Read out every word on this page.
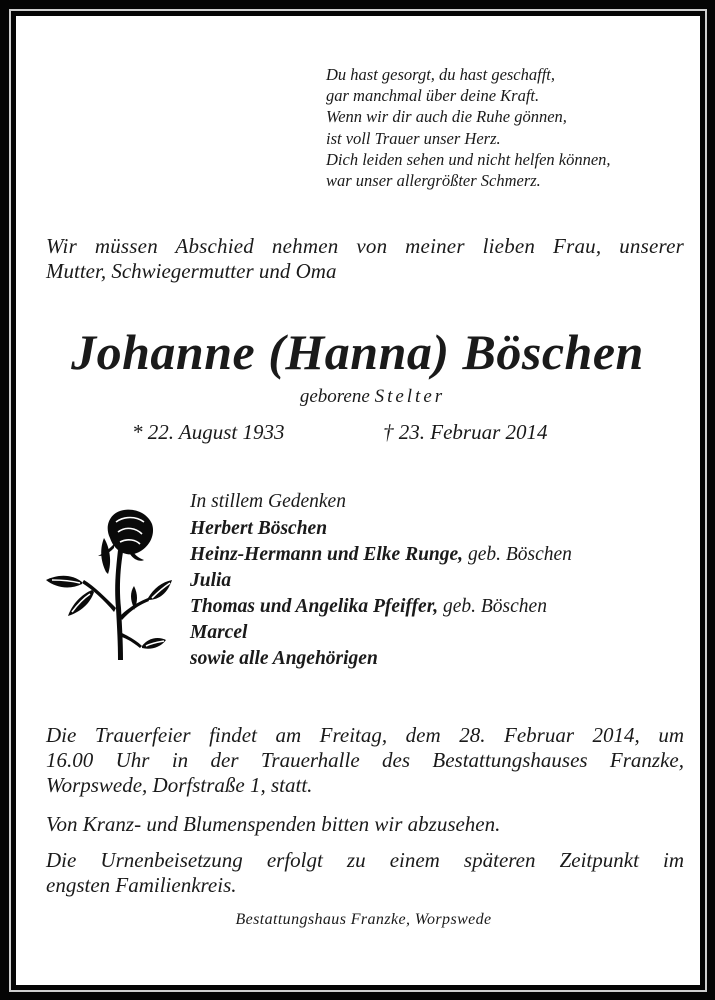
Du hast gesorgt, du hast geschafft,
gar manchmal über deine Kraft.
Wenn wir dir auch die Ruhe gönnen,
ist voll Trauer unser Herz.
Dich leiden sehen und nicht helfen können,
war unser allergrößter Schmerz.
Wir müssen Abschied nehmen von meiner lieben Frau, unserer
Mutter, Schwiegermutter und Oma
Johanne (Hanna) Böschen
geborene Stelter
* 22. August 1933	† 23. Februar 2014
In stillem Gedenken
Herbert Böschen
Heinz-Hermann und Elke Runge, geb. Böschen
Julia
Thomas und Angelika Pfeiffer, geb. Böschen
Marcel
sowie alle Angehörigen
Die Trauerfeier findet am Freitag, dem 28. Februar 2014, um
16.00 Uhr in der Trauerhalle des Bestattungshauses Franzke,
Worpswede, Dorfstraße 1, statt.
Von Kranz- und Blumenspenden bitten wir abzusehen.
Die Urnenbeisetzung erfolgt zu einem späteren Zeitpunkt im
engsten Familienkreis.
Bestattungshaus Franzke, Worpswede
